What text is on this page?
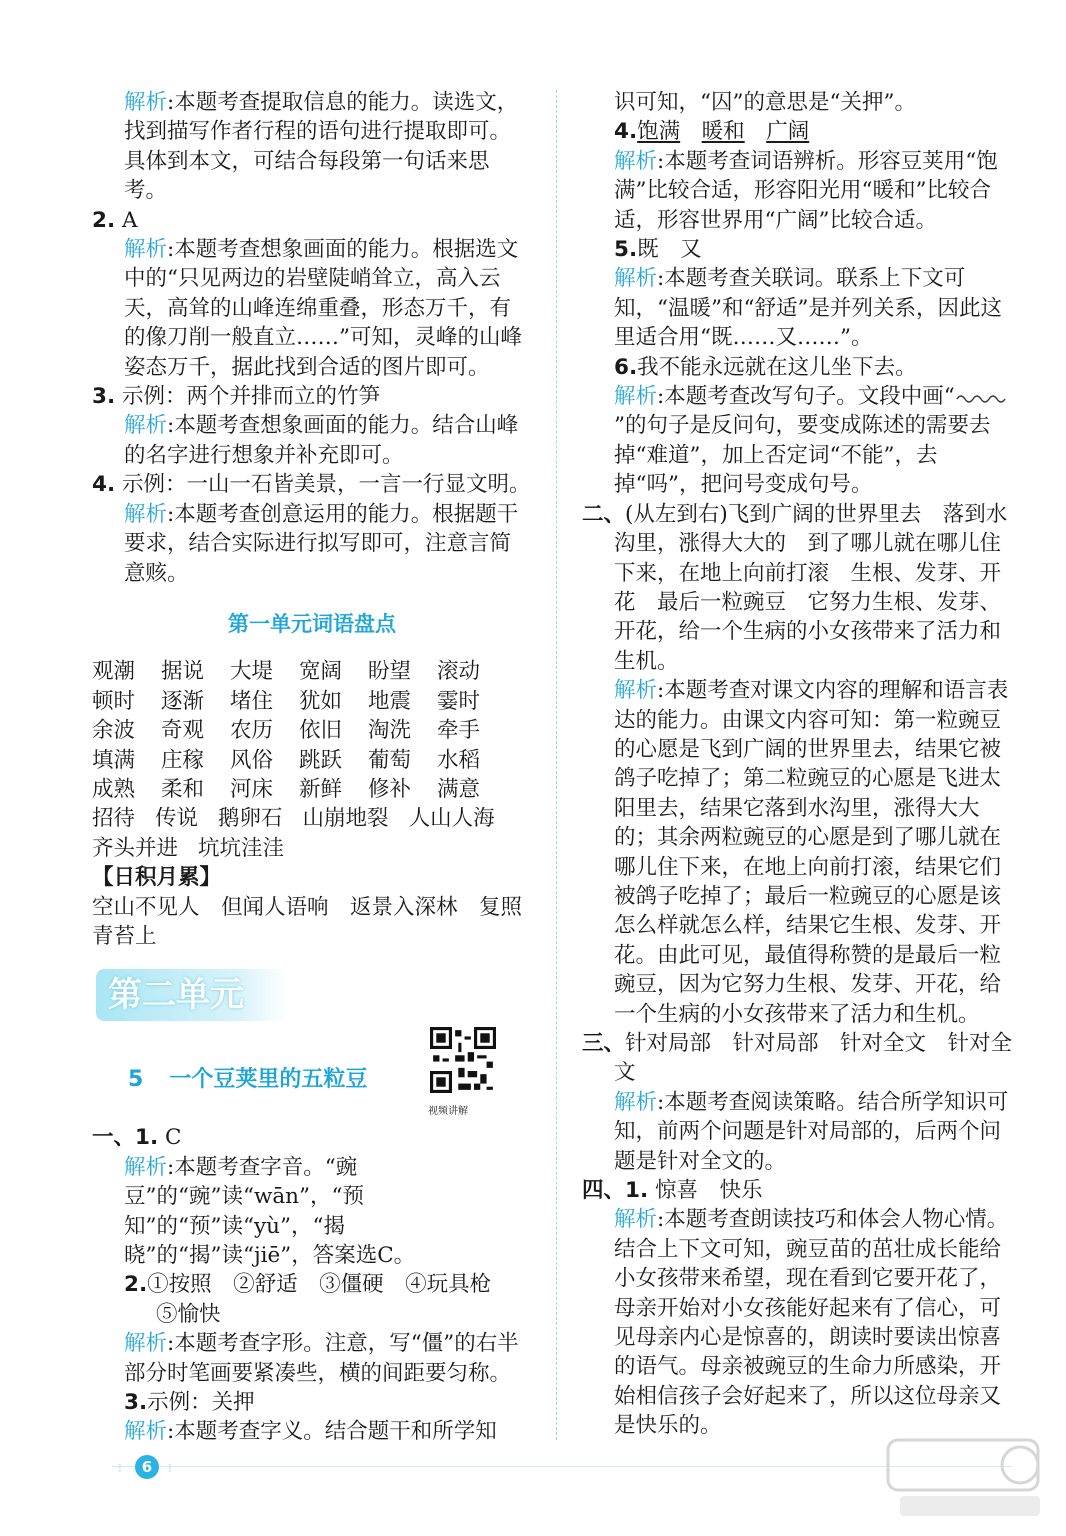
解析:本题考查提取信息的能力。读选文，找到描写作者行程的语句进行提取即可。具体到本文，可结合每段第一句话来思考。

2. A

解析:本题考查想象画面的能力。根据选文中的“只见两边的岩壁陡峭耸立，高入云天，高耸的山峰连绵重叠，形态万千，有的像刀削一般直立……”可知，灵峰的山峰姿态万千，据此找到合适的图片即可。

3. 示例：两个并排而立的竹笋

解析:本题考查想象画面的能力。结合山峰的名字进行想象并补充即可。

4. 示例：一山一石皆美景，一言一行显文明。

解析:本题考查创意运用的能力。根据题干要求，结合实际进行拟写即可，注意言简意赅。

第一单元词语盘点
观潮	据说	大堤	宽阔	盼望	滚动
顿时	逐渐	堵住	犹如	地震	霎时
余波	奇观	农历	依旧	淘洗	牵手
填满	庄稼	风俗	跳跃	葡萄	水稻
成熟	柔和	河床	新鲜	修补	满意
招待 传说 鹅卵石 山崩地裂 人山人海
齐头并进 坑坑洼洼

【日积月累】

空山不见人　但闻人语响　返景入深林　复照青苔上

第二单元
5 一个豆荚里的五粒豆
视频讲解

一、1. C

解析:本题考查字音。“豌豆”的“豌”读“wān”，“预知”的“预”读“yù”，“揭晓”的“揭”读“jiē”，答案选C。

2.①按照　②舒适　③僵硬　④玩具枪　⑤愉快

解析:本题考查字形。注意，写“僵”的右半部分时笔画要紧凑些，横的间距要匀称。

3.示例：关押

解析:本题考查字义。结合题干和所学知

识可知，“囚”的意思是“关押”。

4.饱满　 暖和　 广阔

解析:本题考查词语辨析。形容豆荚用“饱满”比较合适，形容阳光用“暖和”比较合适，形容世界用“广阔”比较合适。

5.既　又

解析:本题考查关联词。联系上下文可知，“温暖”和“舒适”是并列关系，因此这里适合用“既……又……”。

6.我不能永远就在这儿坐下去。

解析:本题考查改写句子。文段中画“”的句子是反问句，要变成陈述的需要去掉“难道”，加上否定词“不能”，去掉“吗”，把问号变成句号。

二、(从左到右)飞到广阔的世界里去　落到水沟里，涨得大大的　到了哪儿就在哪儿住下来，在地上向前打滚　生根、发芽、开花　最后一粒豌豆　它努力生根、发芽、开花，给一个生病的小女孩带来了活力和生机。

解析:本题考查对课文内容的理解和语言表达的能力。由课文内容可知：第一粒豌豆的心愿是飞到广阔的世界里去，结果它被鸽子吃掉了；第二粒豌豆的心愿是飞进太阳里去，结果它落到水沟里，涨得大大的；其余两粒豌豆的心愿是到了哪儿就在哪儿住下来，在地上向前打滚，结果它们被鸽子吃掉了；最后一粒豌豆的心愿是该怎么样就怎么样，结果它生根、发芽、开花。由此可见，最值得称赞的是最后一粒豌豆，因为它努力生根、发芽、开花，给一个生病的小女孩带来了活力和生机。

三、针对局部　针对局部　针对全文　针对全文

解析:本题考查阅读策略。结合所学知识可知，前两个问题是针对局部的，后两个问题是针对全文的。

四、1. 惊喜　快乐

解析:本题考查朗读技巧和体会人物心情。结合上下文可知，豌豆苗的茁壮成长能给小女孩带来希望，现在看到它要开花了，母亲开始对小女孩能好起来有了信心，可见母亲内心是惊喜的，朗读时要读出惊喜的语气。母亲被豌豆的生命力所感染，开始相信孩子会好起来了，所以这位母亲又是快乐的。

⁝	6	⁝
